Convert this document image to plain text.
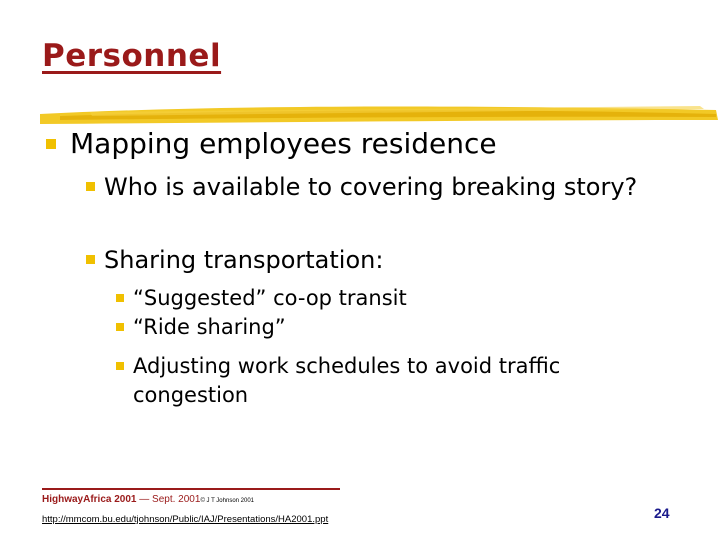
Personnel
Mapping employees residence
Who is available to covering breaking story?
Sharing transportation:
“Suggested” co-op transit
“Ride sharing”
Adjusting work schedules to avoid traffic congestion
HighwayAfrica 2001 — Sept. 2001© J T Johnson 2001
http://mmcom.bu.edu/tjohnson/Public/IAJ/Presentations/HA2001.ppt	24
